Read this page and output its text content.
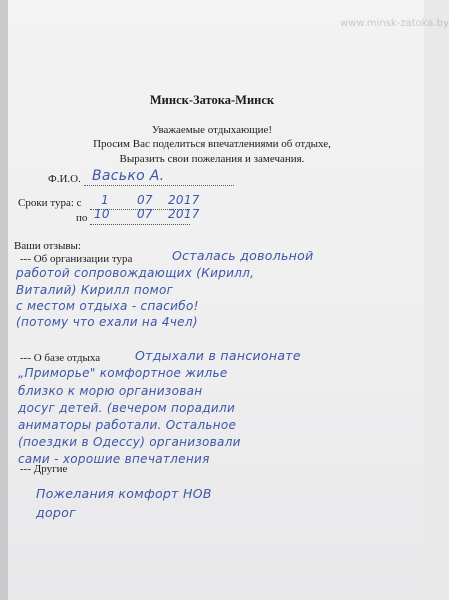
www.minsk-zatoka.by
Минск-Затока-Минск
Уважаемые отдыхающие!
Просим Вас поделиться впечатлениями об отдыхе,
Выразить свои пожелания и замечания.
Ф.И.О. Васько А.
Сроки тура: с 1 07 2017
по 10 07 2017
Ваши отзывы:
--- Об организации тура	Осталась довольной
работой сопровождающих (Кирилл,
Виталий) Кирилл помог
с местом отдыха - спасибо!
(потому что ехали на 4чел)
--- О базе отдыха	Отдыхали в пансионате
„Приморье" комфортное жилье
близко к морю организован
досуг детей. (вечером порадили
аниматоры работали. Остальное
(поездки в Одессу) организовали
сами - хорошие впечатления
--- Другие
Пожелания комфорт НОВ
дорог
